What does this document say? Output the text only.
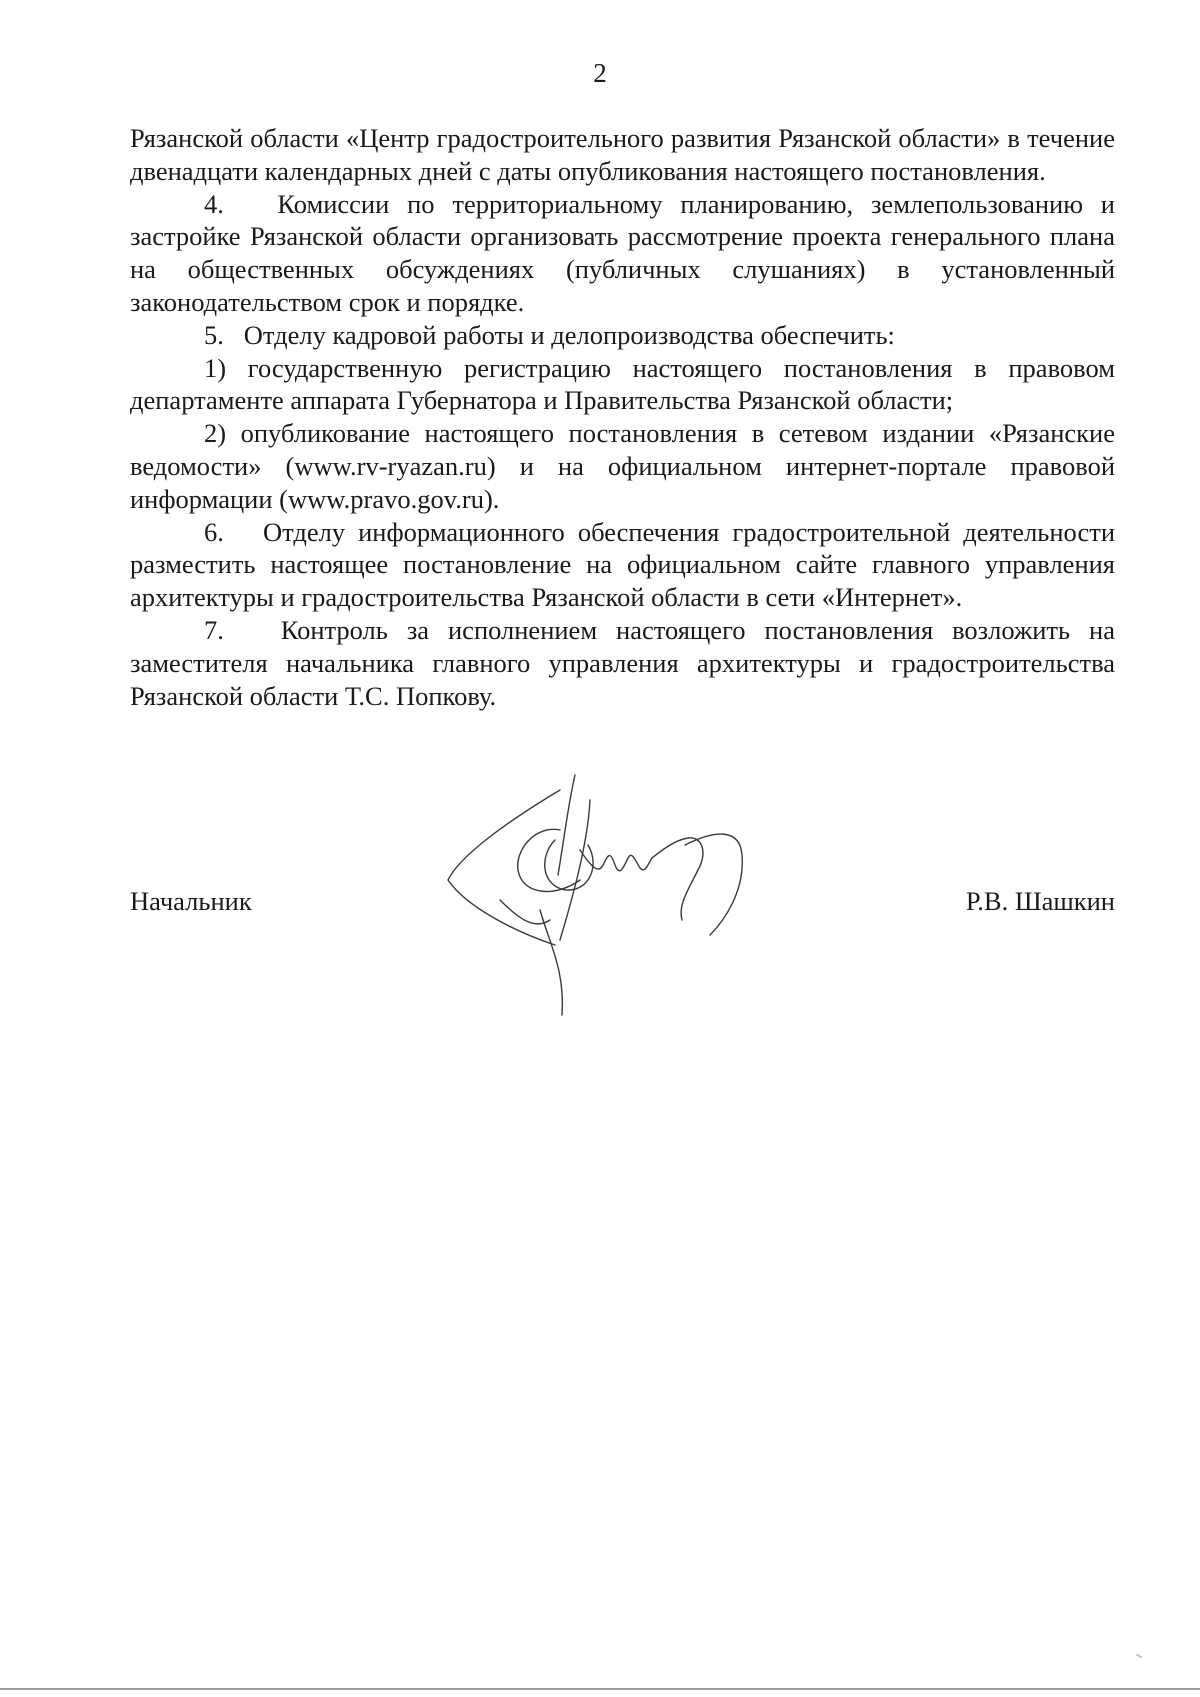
2

Рязанской области «Центр градостроительного развития Рязанской области» в течение двенадцати календарных дней с даты опубликования настоящего постановления.

4.   Комиссии по территориальному планированию, землепользованию и застройке Рязанской области организовать рассмотрение проекта генерального плана на общественных обсуждениях (публичных слушаниях) в установленный законодательством срок и порядке.

5.   Отделу кадровой работы и делопроизводства обеспечить:

1) государственную регистрацию настоящего постановления в правовом департаменте аппарата Губернатора и Правительства Рязанской области;

2) опубликование настоящего постановления в сетевом издании «Рязанские ведомости» (www.rv-ryazan.ru) и на официальном интернет-портале правовой информации (www.pravo.gov.ru).

6.   Отделу информационного обеспечения градостроительной деятельности разместить настоящее постановление на официальном сайте главного управления архитектуры и градостроительства Рязанской области в сети «Интернет».

7.   Контроль за исполнением настоящего постановления возложить на заместителя начальника главного управления архитектуры и градостроительства Рязанской области Т.С. Попкову.

Начальник	Р.В. Шашкин
